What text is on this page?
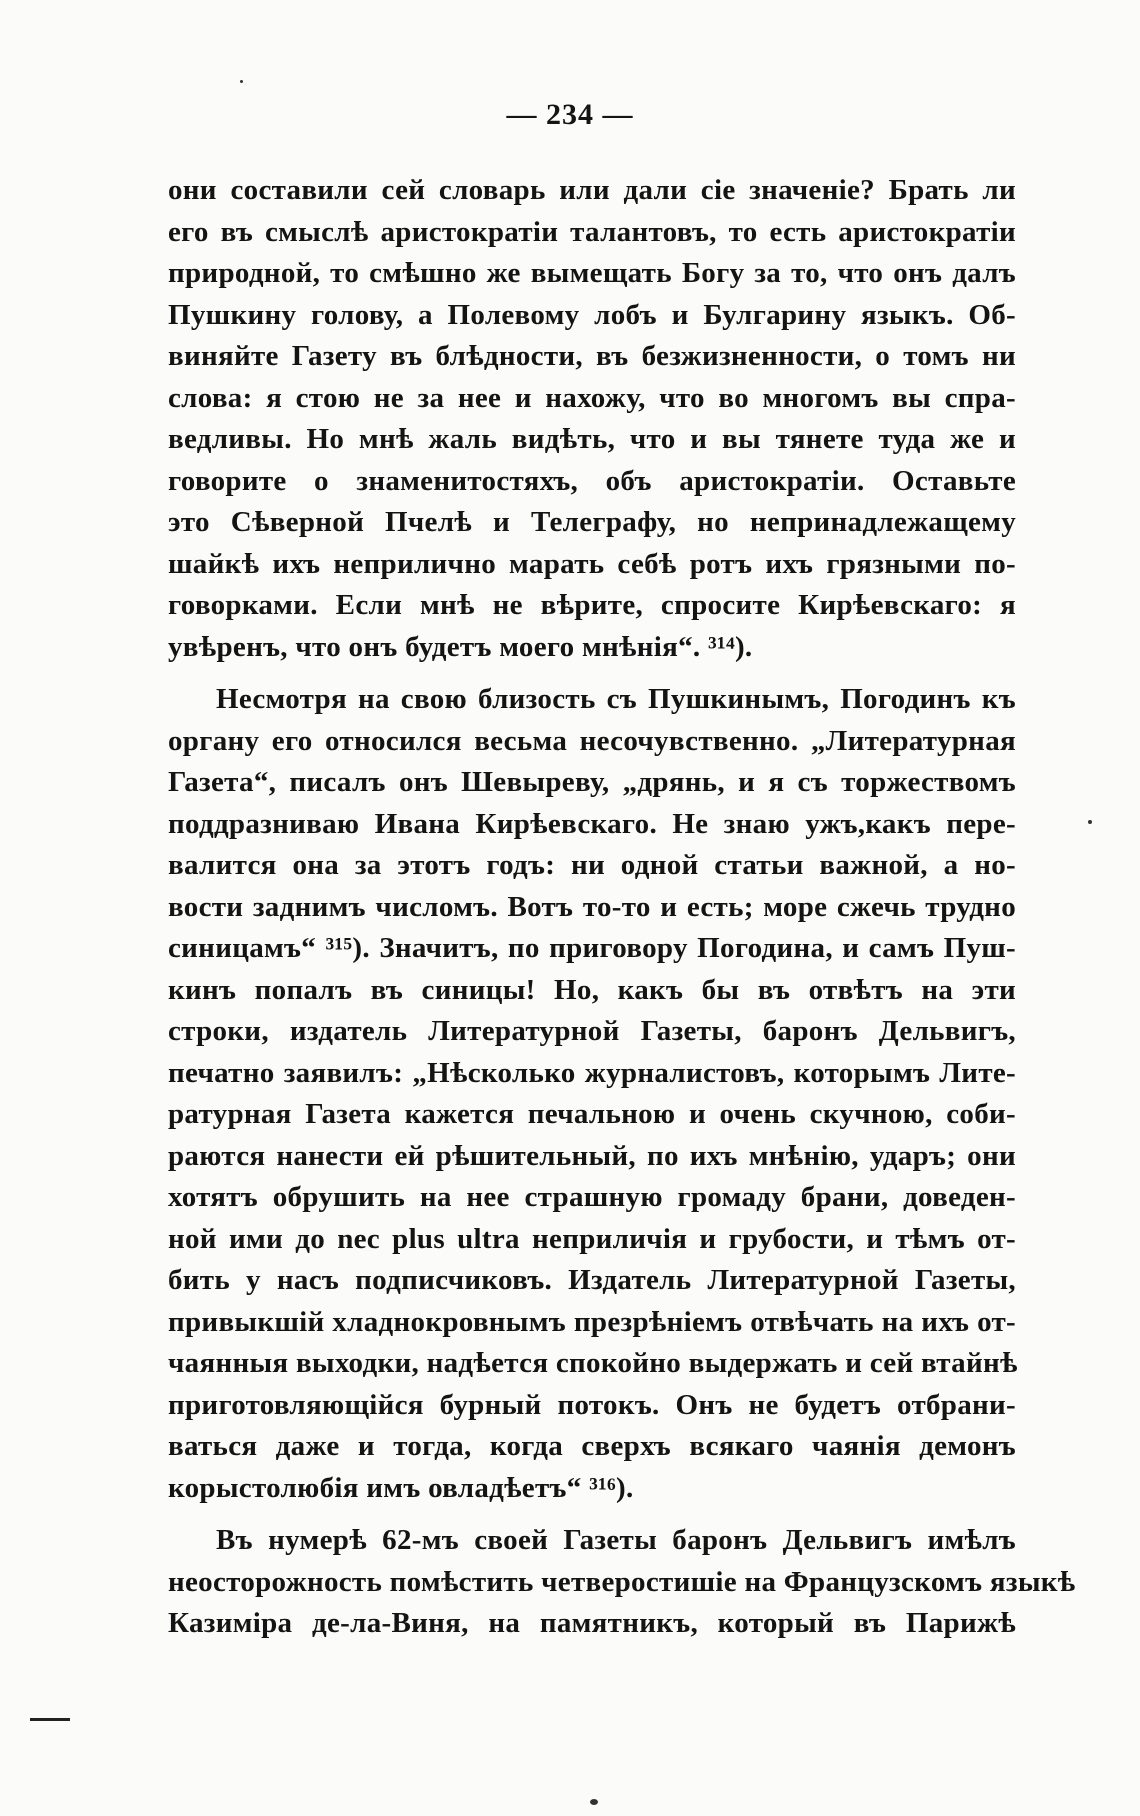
— 234 —

они составили сей словарь или дали сіе значеніе? Брать ли
его въ смыслѣ аристократіи талантовъ, то есть аристократіи
природной, то смѣшно же вымещать Богу за то, что онъ далъ
Пушкину голову, а Полевому лобъ и Булгарину языкъ. Об-
виняйте Газету въ блѣдности, въ безжизненности, о томъ ни
слова: я стою не за нее и нахожу, что во многомъ вы спра-
ведливы. Но мнѣ жаль видѣть, что и вы тянете туда же и
говорите о знаменитостяхъ, объ аристократіи. Оставьте
это Сѣверной Пчелѣ и Телеграфу, но непринадлежащему
шайкѣ ихъ неприлично марать себѣ ротъ ихъ грязными по-
говорками. Если мнѣ не вѣрите, спросите Кирѣевскаго: я
увѣренъ, что онъ будетъ моего мнѣнія“. ³¹⁴).

Несмотря на свою близость съ Пушкинымъ, Погодинъ къ
органу его относился весьма несочувственно. „Литературная
Газета“, писалъ онъ Шевыреву, „дрянь, и я съ торжествомъ
поддразниваю Ивана Кирѣевскаго. Не знаю ужъ,какъ пере-
валится она за этотъ годъ: ни одной статьи важной, а но-
вости заднимъ числомъ. Вотъ то-то и есть; море сжечь трудно
синицамъ“ ³¹⁵). Значитъ, по приговору Погодина, и самъ Пуш-
кинъ попалъ въ синицы! Но, какъ бы въ отвѣтъ на эти
строки, издатель Литературной Газеты, баронъ Дельвигъ,
печатно заявилъ: „Нѣсколько журналистовъ, которымъ Лите-
ратурная Газета кажется печальною и очень скучною, соби-
раются нанести ей рѣшительный, по ихъ мнѣнію, ударъ; они
хотятъ обрушить на нее страшную громаду брани, доведен-
ной ими до nec plus ultra неприличія и грубости, и тѣмъ от-
бить у насъ подписчиковъ. Издатель Литературной Газеты,
привыкшій хладнокровнымъ презрѣніемъ отвѣчать на ихъ от-
чаянныя выходки, надѣется спокойно выдержать и сей втайнѣ
приготовляющійся бурный потокъ. Онъ не будетъ отбрани-
ваться даже и тогда, когда сверхъ всякаго чаянія демонъ
корыстолюбія имъ овладѣетъ“ ³¹⁶).

Въ нумерѣ 62-мъ своей Газеты баронъ Дельвигъ имѣлъ
неосторожность помѣстить четверостишіе на Французскомъ языкѣ
Казиміра де-ла-Виня, на памятникъ, который въ Парижѣ
